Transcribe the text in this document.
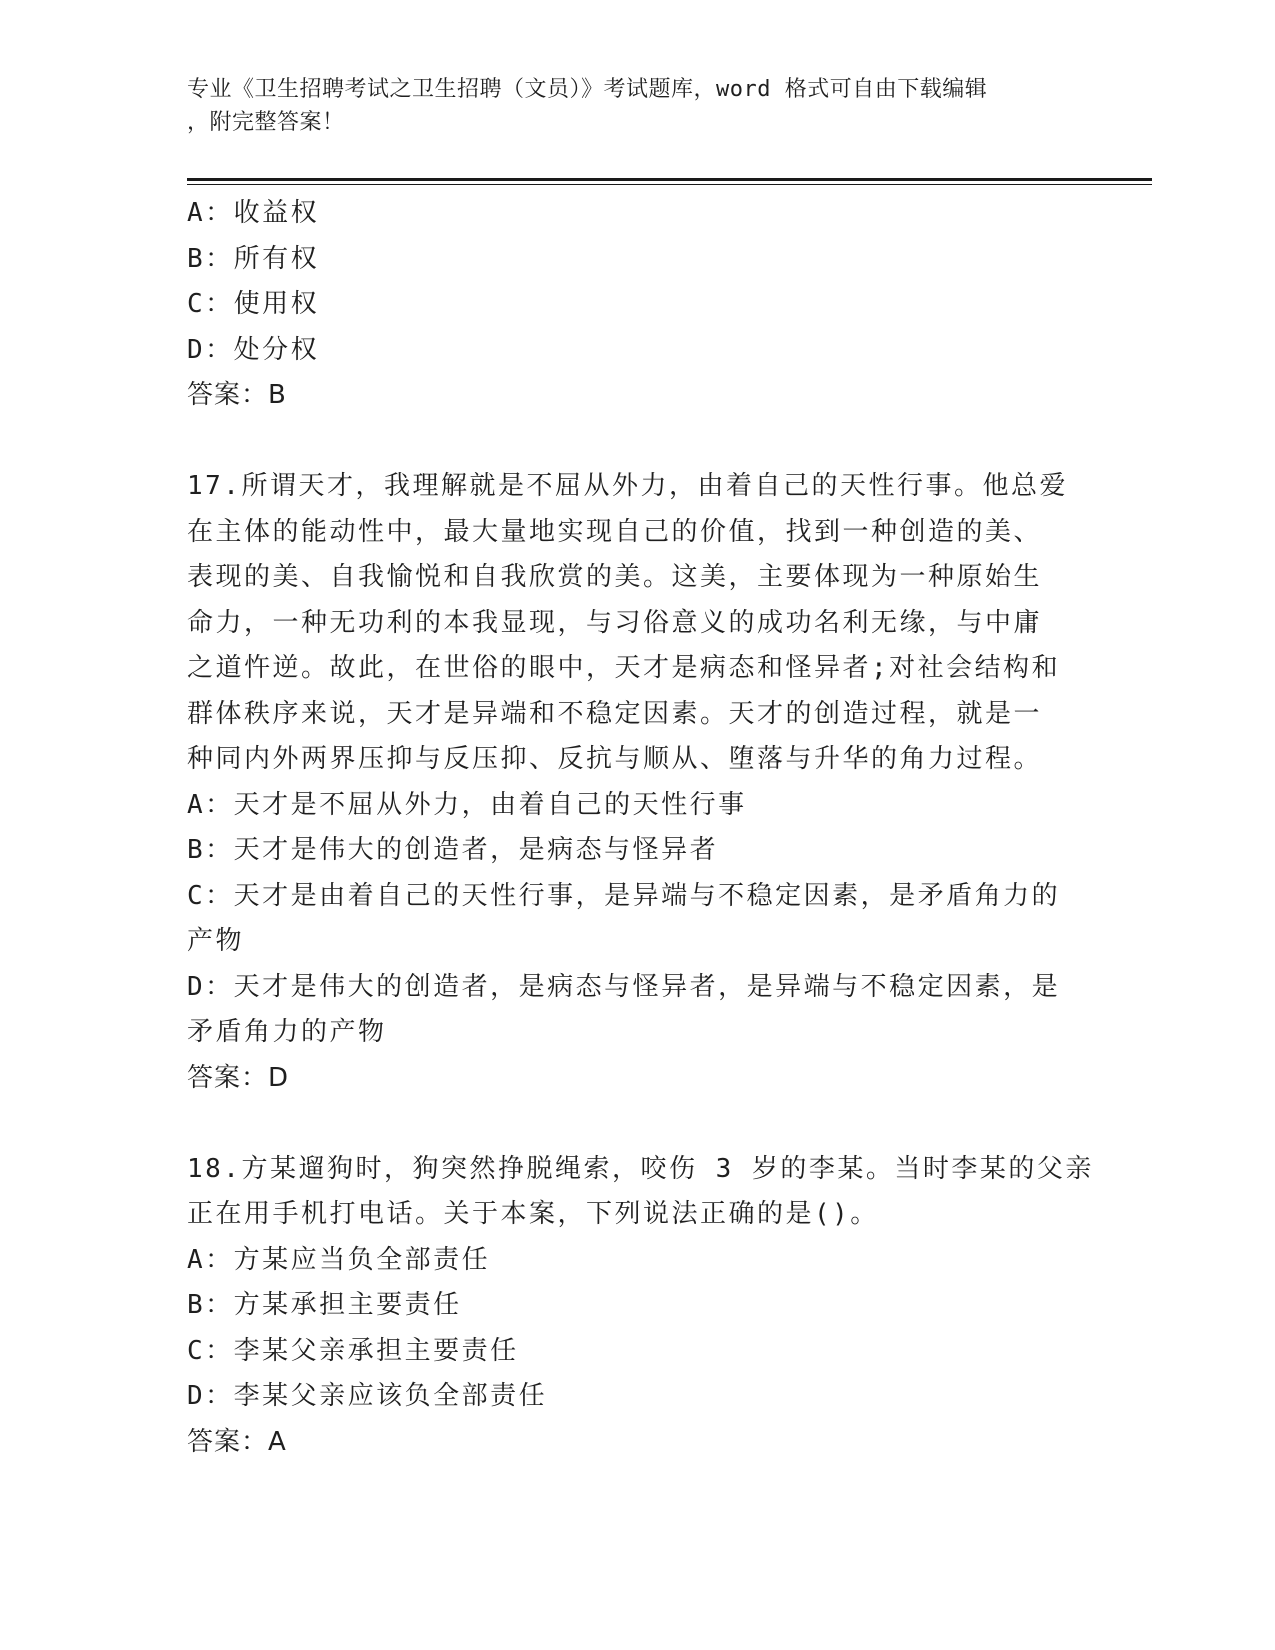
专业《卫生招聘考试之卫生招聘（文员）》考试题库，word 格式可自由下载编辑
，附完整答案！
A：收益权
B：所有权
C：使用权
D：处分权
答案：B
17.所谓天才，我理解就是不屈从外力，由着自己的天性行事。他总爱
在主体的能动性中，最大量地实现自己的价值，找到一种创造的美、
表现的美、自我愉悦和自我欣赏的美。这美，主要体现为一种原始生
命力，一种无功利的本我显现，与习俗意义的成功名利无缘，与中庸
之道忤逆。故此，在世俗的眼中，天才是病态和怪异者;对社会结构和
群体秩序来说，天才是异端和不稳定因素。天才的创造过程，就是一
种同内外两界压抑与反压抑、反抗与顺从、堕落与升华的角力过程。
A：天才是不屈从外力，由着自己的天性行事
B：天才是伟大的创造者，是病态与怪异者
C：天才是由着自己的天性行事，是异端与不稳定因素，是矛盾角力的
产物
D：天才是伟大的创造者，是病态与怪异者，是异端与不稳定因素，是
矛盾角力的产物
答案：D
18.方某遛狗时，狗突然挣脱绳索，咬伤 3 岁的李某。当时李某的父亲
正在用手机打电话。关于本案，下列说法正确的是()。
A：方某应当负全部责任
B：方某承担主要责任
C：李某父亲承担主要责任
D：李某父亲应该负全部责任
答案：A
